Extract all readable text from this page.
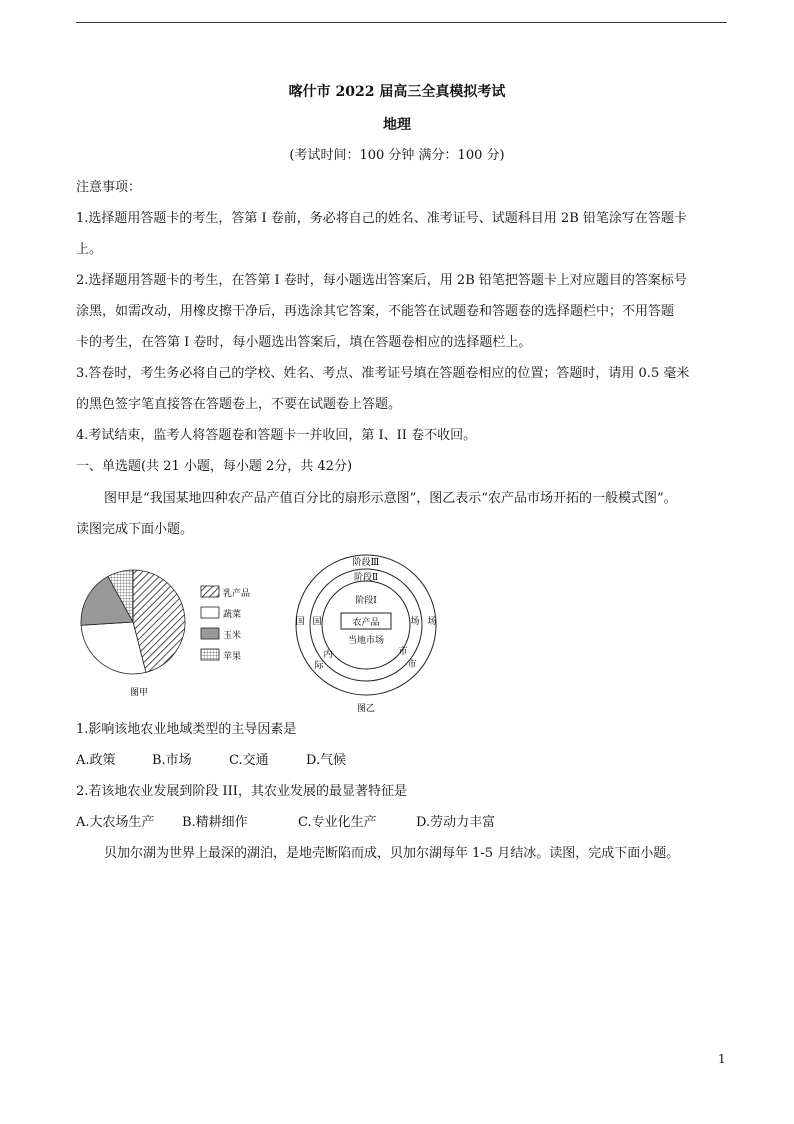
喀什市 2022 届高三全真模拟考试
地理
(考试时间：100 分钟 满分：100 分)
注意事项：
1.选择题用答题卡的考生，答第 I 卷前，务必将自己的姓名、准考证号、试题科目用 2B 铅笔涂写在答题卡
上。
2.选择题用答题卡的考生，在答第 I 卷时，每小题选出答案后，用 2B 铅笔把答题卡上对应题目的答案标号
涂黑，如需改动，用橡皮擦干净后，再选涂其它答案，不能答在试题卷和答题卷的选择题栏中；不用答题
卡的考生，在答第 I 卷时，每小题选出答案后，填在答题卷相应的选择题栏上。
3.答卷时，考生务必将自己的学校、姓名、考点、准考证号填在答题卷相应的位置；答题时，请用 0.5 毫米
的黑色签字笔直接答在答题卷上，不要在试题卷上答题。
4.考试结束，监考人将答题卷和答题卡一并收回，第 I、II 卷不收回。
一、单选题(共 21 小题，每小题 2分，共 42分)
图甲是“我国某地四种农产品产值百分比的扇形示意图”，图乙表示“农产品市场开拓的一般模式图”。
读图完成下面小题。
乳产品
蔬菜
玉米
苹果
图甲
阶段Ⅲ
阶段Ⅱ
阶段Ⅰ
农产品
当地市场
国 国
内
际
场
场
市
市
图乙
1.影响该地农业地域类型的主导因素是
A.政策	B.市场	C.交通	D.气候
2.若该地农业发展到阶段 III，其农业发展的最显著特征是
A.大农场生产 B.精耕细作	C.专业化生产	D.劳动力丰富
贝加尔湖为世界上最深的湖泊，是地壳断陷而成，贝加尔湖每年 1-5 月结冰。读图，完成下面小题。
1
